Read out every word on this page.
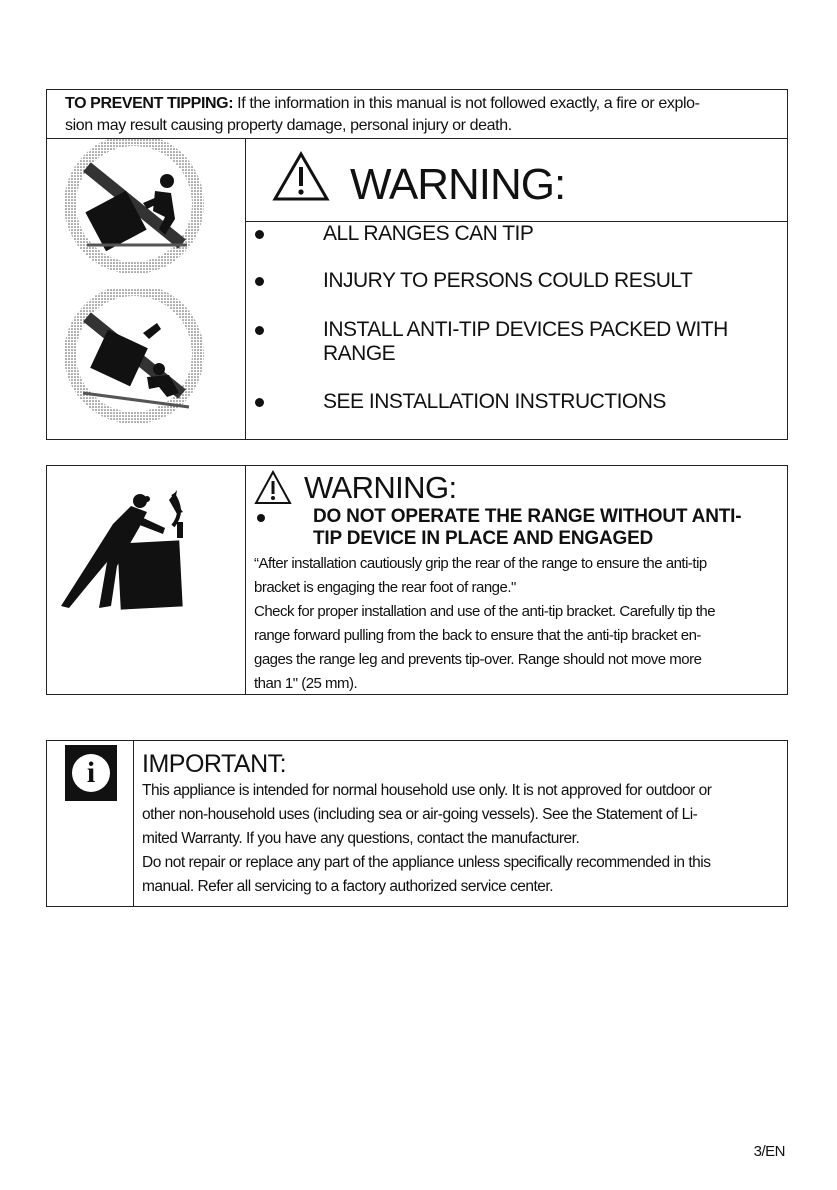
TO PREVENT TIPPING: If the information in this manual is not followed exactly, a fire or explo-
sion may result causing property damage, personal injury or death.
WARNING:
ALL RANGES CAN TIP
INJURY TO PERSONS COULD RESULT
INSTALL ANTI-TIP DEVICES PACKED WITH
RANGE
SEE INSTALLATION INSTRUCTIONS
WARNING:
DO NOT OPERATE THE RANGE WITHOUT ANTI-
TIP DEVICE IN PLACE AND ENGAGED
“After installation cautiously grip the rear of the range to ensure the anti-tip
bracket is engaging the rear foot of range."
Check for proper installation and use of the anti-tip bracket. Carefully tip the
range forward pulling from the back to ensure that the anti-tip bracket en-
gages the range leg and prevents tip-over. Range should not move more
than 1" (25 mm).
i	IMPORTANT:
This appliance is intended for normal household use only. It is not approved for outdoor or
other non-household uses (including sea or air-going vessels). See the Statement of Li-
mited Warranty. If you have any questions, contact the manufacturer.
Do not repair or replace any part of the appliance unless specifically recommended in this
manual. Refer all servicing to a factory authorized service center.
3/EN
